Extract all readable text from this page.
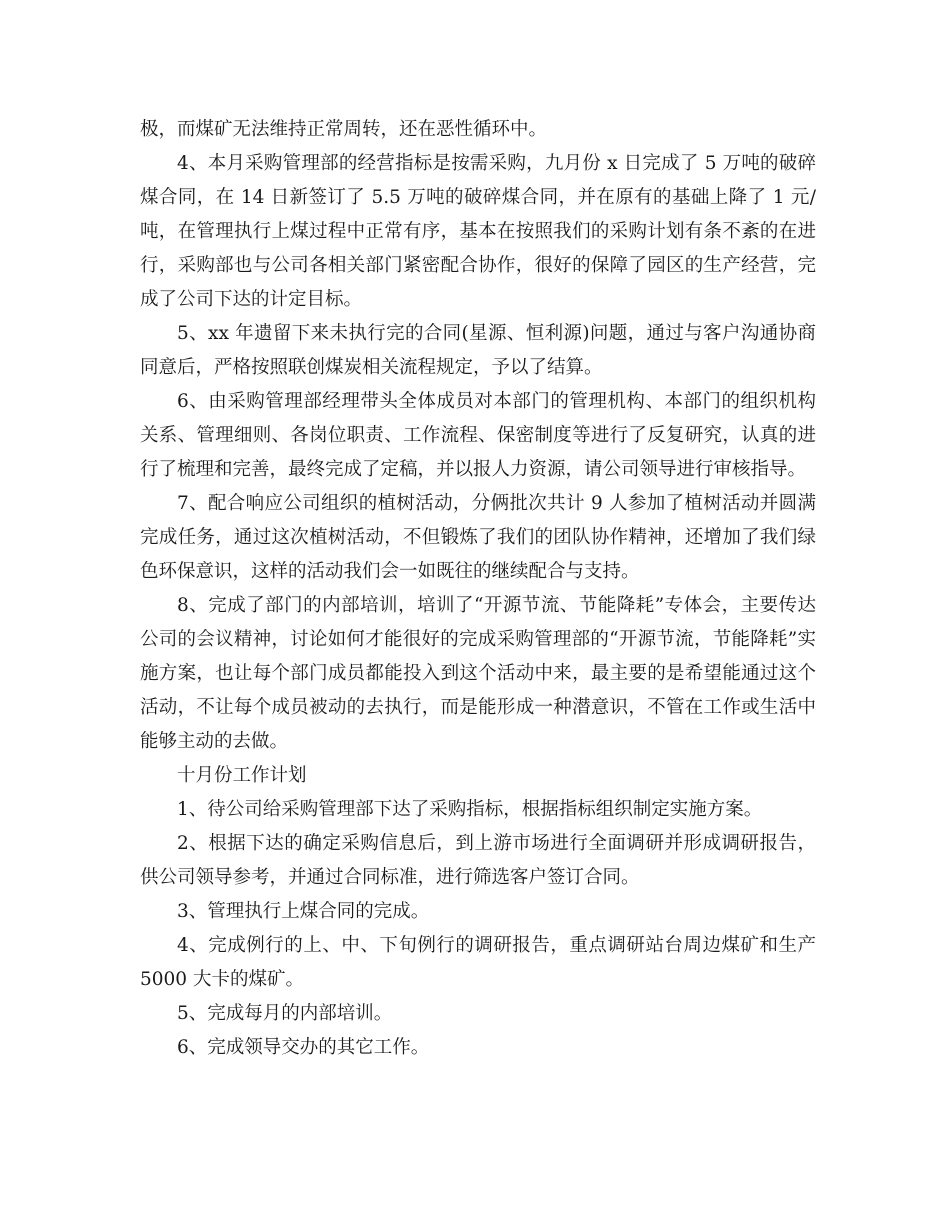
极，而煤矿无法维持正常周转，还在恶性循环中。

4、本月采购管理部的经营指标是按需采购，九月份 x 日完成了 5 万吨的破碎煤合同，在 14 日新签订了 5.5 万吨的破碎煤合同，并在原有的基础上降了 1 元/吨，在管理执行上煤过程中正常有序，基本在按照我们的采购计划有条不紊的在进行，采购部也与公司各相关部门紧密配合协作，很好的保障了园区的生产经营，完成了公司下达的计定目标。

5、xx 年遗留下来未执行完的合同(星源、恒利源)问题，通过与客户沟通协商同意后，严格按照联创煤炭相关流程规定，予以了结算。

6、由采购管理部经理带头全体成员对本部门的管理机构、本部门的组织机构关系、管理细则、各岗位职责、工作流程、保密制度等进行了反复研究，认真的进行了梳理和完善，最终完成了定稿，并以报人力资源，请公司领导进行审核指导。

7、配合响应公司组织的植树活动，分俩批次共计 9 人参加了植树活动并圆满完成任务，通过这次植树活动，不但锻炼了我们的团队协作精神，还增加了我们绿色环保意识，这样的活动我们会一如既往的继续配合与支持。

8、完成了部门的内部培训，培训了“开源节流、节能降耗”专体会，主要传达公司的会议精神，讨论如何才能很好的完成采购管理部的“开源节流，节能降耗”实施方案，也让每个部门成员都能投入到这个活动中来，最主要的是希望能通过这个活动，不让每个成员被动的去执行，而是能形成一种潜意识，不管在工作或生活中能够主动的去做。

十月份工作计划

1、待公司给采购管理部下达了采购指标，根据指标组织制定实施方案。

2、根据下达的确定采购信息后，到上游市场进行全面调研并形成调研报告，供公司领导参考，并通过合同标准，进行筛选客户签订合同。

3、管理执行上煤合同的完成。

4、完成例行的上、中、下旬例行的调研报告，重点调研站台周边煤矿和生产 5000 大卡的煤矿。

5、完成每月的内部培训。

6、完成领导交办的其它工作。
